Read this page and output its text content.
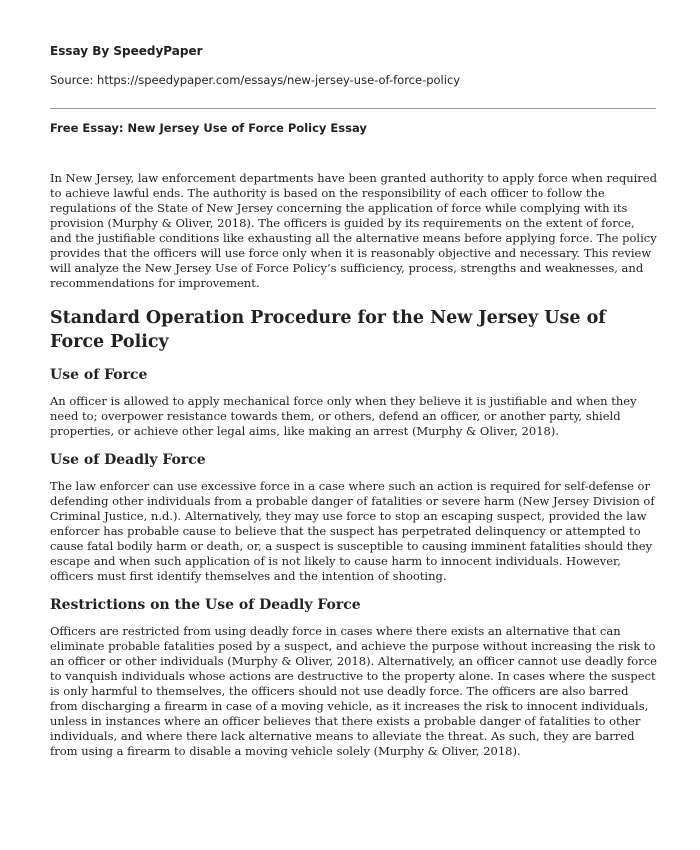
Essay By SpeedyPaper
Source: https://speedypaper.com/essays/new-jersey-use-of-force-policy
Free Essay: New Jersey Use of Force Policy Essay

In New Jersey, law enforcement departments have been granted authority to apply force when required to achieve lawful ends. The authority is based on the responsibility of each officer to follow the regulations of the State of New Jersey concerning the application of force while complying with its provision (Murphy & Oliver, 2018). The officers is guided by its requirements on the extent of force, and the justifiable conditions like exhausting all the alternative means before applying force. The policy provides that the officers will use force only when it is reasonably objective and necessary. This review will analyze the New Jersey Use of Force Policy’s sufficiency, process, strengths and weaknesses, and recommendations for improvement.

Standard Operation Procedure for the New Jersey Use of Force Policy
Use of Force

An officer is allowed to apply mechanical force only when they believe it is justifiable and when they need to; overpower resistance towards them, or others, defend an officer, or another party, shield properties, or achieve other legal aims, like making an arrest (Murphy & Oliver, 2018).

Use of Deadly Force

The law enforcer can use excessive force in a case where such an action is required for self-defense or defending other individuals from a probable danger of fatalities or severe harm (New Jersey Division of Criminal Justice, n.d.). Alternatively, they may use force to stop an escaping suspect, provided the law enforcer has probable cause to believe that the suspect has perpetrated delinquency or attempted to cause fatal bodily harm or death, or, a suspect is susceptible to causing imminent fatalities should they escape and when such application of is not likely to cause harm to innocent individuals. However, officers must first identify themselves and the intention of shooting.

Restrictions on the Use of Deadly Force

Officers are restricted from using deadly force in cases where there exists an alternative that can eliminate probable fatalities posed by a suspect, and achieve the purpose without increasing the risk to an officer or other individuals (Murphy & Oliver, 2018). Alternatively, an officer cannot use deadly force to vanquish individuals whose actions are destructive to the property alone. In cases where the suspect is only harmful to themselves, the officers should not use deadly force. The officers are also barred from discharging a firearm in case of a moving vehicle, as it increases the risk to innocent individuals, unless in instances where an officer believes that there exists a probable danger of fatalities to other individuals, and where there lack alternative means to alleviate the threat. As such, they are barred from using a firearm to disable a moving vehicle solely (Murphy & Oliver, 2018).
